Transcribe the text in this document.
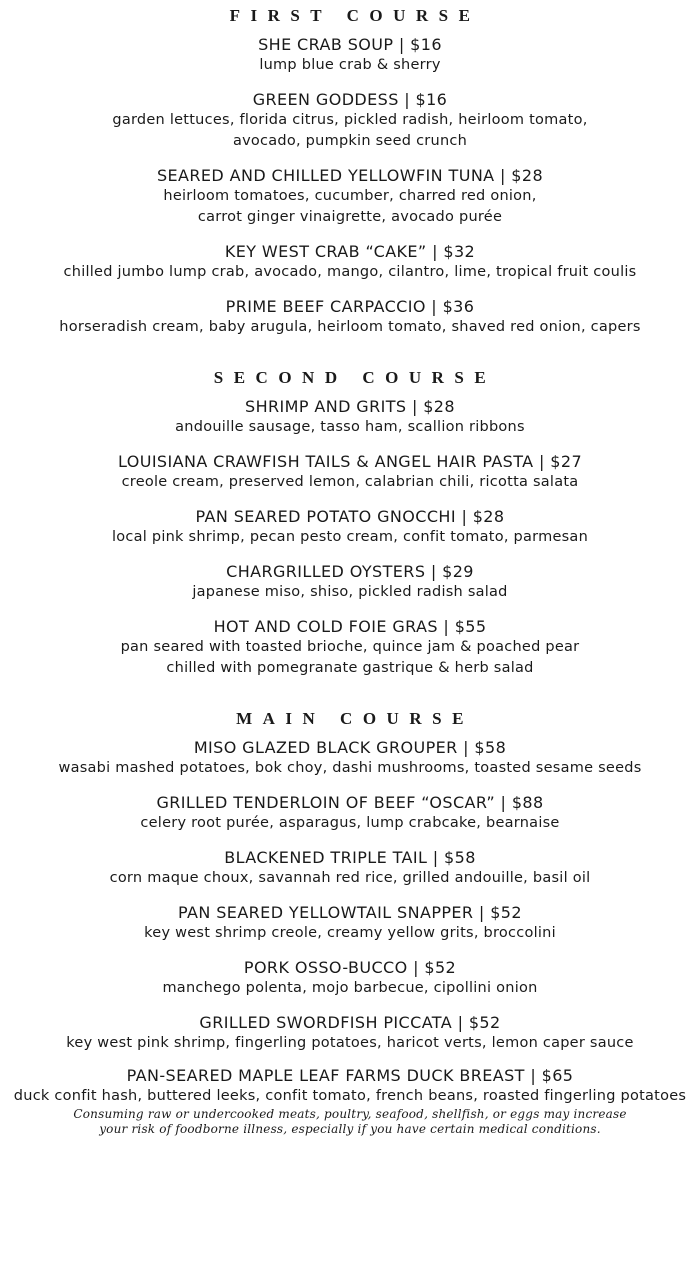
FIRST COURSE
SHE CRAB SOUP | $16
lump blue crab & sherry
GREEN GODDESS | $16
garden lettuces, florida citrus, pickled radish, heirloom tomato,
avocado, pumpkin seed crunch
SEARED AND CHILLED YELLOWFIN TUNA | $28
heirloom tomatoes, cucumber, charred red onion,
carrot ginger vinaigrette, avocado purée
KEY WEST CRAB “CAKE” | $32
chilled jumbo lump crab, avocado, mango, cilantro, lime, tropical fruit coulis
PRIME BEEF CARPACCIO | $36
horseradish cream, baby arugula, heirloom tomato, shaved red onion, capers
SECOND COURSE
SHRIMP AND GRITS | $28
andouille sausage, tasso ham, scallion ribbons
LOUISIANA CRAWFISH TAILS & ANGEL HAIR PASTA | $27
creole cream, preserved lemon, calabrian chili, ricotta salata
PAN SEARED POTATO GNOCCHI | $28
local pink shrimp, pecan pesto cream, confit tomato, parmesan
CHARGRILLED OYSTERS | $29
japanese miso, shiso, pickled radish salad
HOT AND COLD FOIE GRAS | $55
pan seared with toasted brioche, quince jam & poached pear
chilled with pomegranate gastrique & herb salad
MAIN COURSE
MISO GLAZED BLACK GROUPER | $58
wasabi mashed potatoes, bok choy, dashi mushrooms, toasted sesame seeds
GRILLED TENDERLOIN OF BEEF “OSCAR” | $88
celery root purée, asparagus, lump crabcake, bearnaise
BLACKENED TRIPLE TAIL | $58
corn maque choux, savannah red rice, grilled andouille, basil oil
PAN SEARED YELLOWTAIL SNAPPER | $52
key west shrimp creole, creamy yellow grits, broccolini
PORK OSSO-BUCCO | $52
manchego polenta, mojo barbecue, cipollini onion
GRILLED SWORDFISH PICCATA | $52
key west pink shrimp, fingerling potatoes, haricot verts, lemon caper sauce
PAN-SEARED MAPLE LEAF FARMS DUCK BREAST | $65
duck confit hash, buttered leeks, confit tomato, french beans, roasted fingerling potatoes
Consuming raw or undercooked meats, poultry, seafood, shellfish, or eggs may increase
your risk of foodborne illness, especially if you have certain medical conditions.
